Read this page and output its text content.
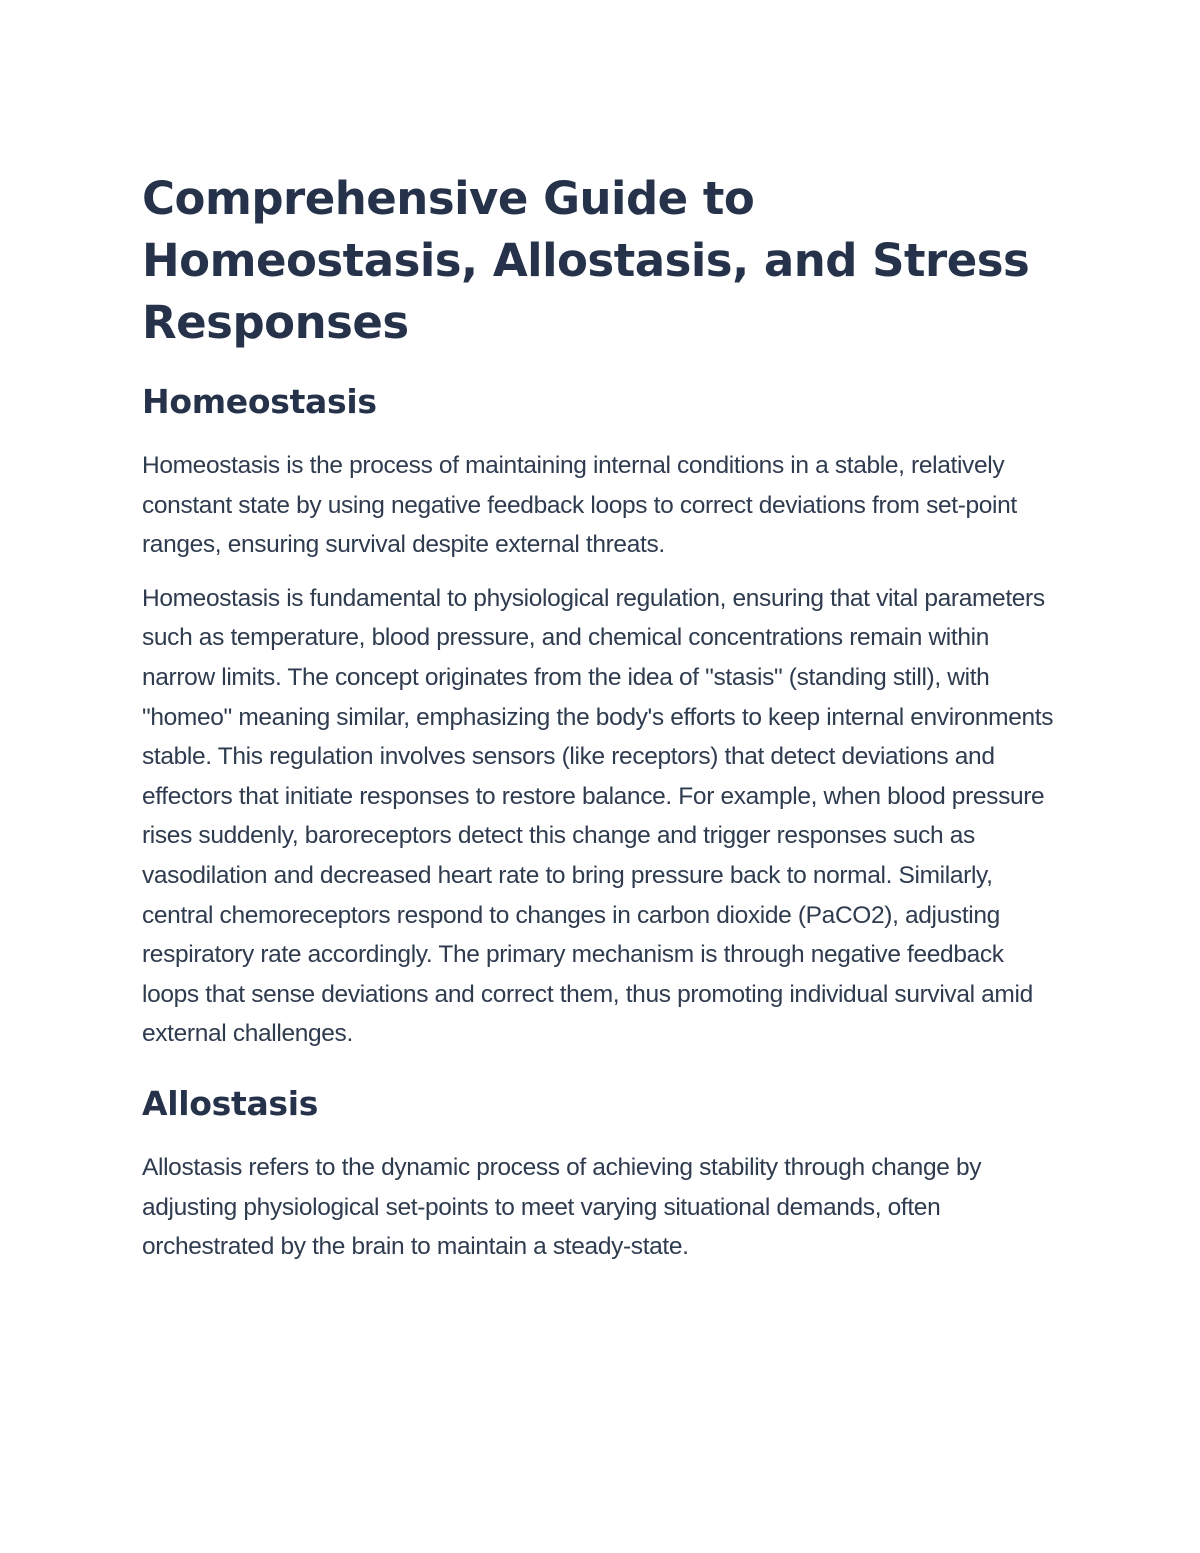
Comprehensive Guide to Homeostasis, Allostasis, and Stress Responses
Homeostasis

Homeostasis is the process of maintaining internal conditions in a stable, relatively constant state by using negative feedback loops to correct deviations from set-point ranges, ensuring survival despite external threats.

Homeostasis is fundamental to physiological regulation, ensuring that vital parameters such as temperature, blood pressure, and chemical concentrations remain within narrow limits. The concept originates from the idea of "stasis" (standing still), with "homeo" meaning similar, emphasizing the body's efforts to keep internal environments stable. This regulation involves sensors (like receptors) that detect deviations and effectors that initiate responses to restore balance. For example, when blood pressure rises suddenly, baroreceptors detect this change and trigger responses such as vasodilation and decreased heart rate to bring pressure back to normal. Similarly, central chemoreceptors respond to changes in carbon dioxide (PaCO2), adjusting respiratory rate accordingly. The primary mechanism is through negative feedback loops that sense deviations and correct them, thus promoting individual survival amid external challenges.

Allostasis

Allostasis refers to the dynamic process of achieving stability through change by adjusting physiological set-points to meet varying situational demands, often orchestrated by the brain to maintain a steady-state.
